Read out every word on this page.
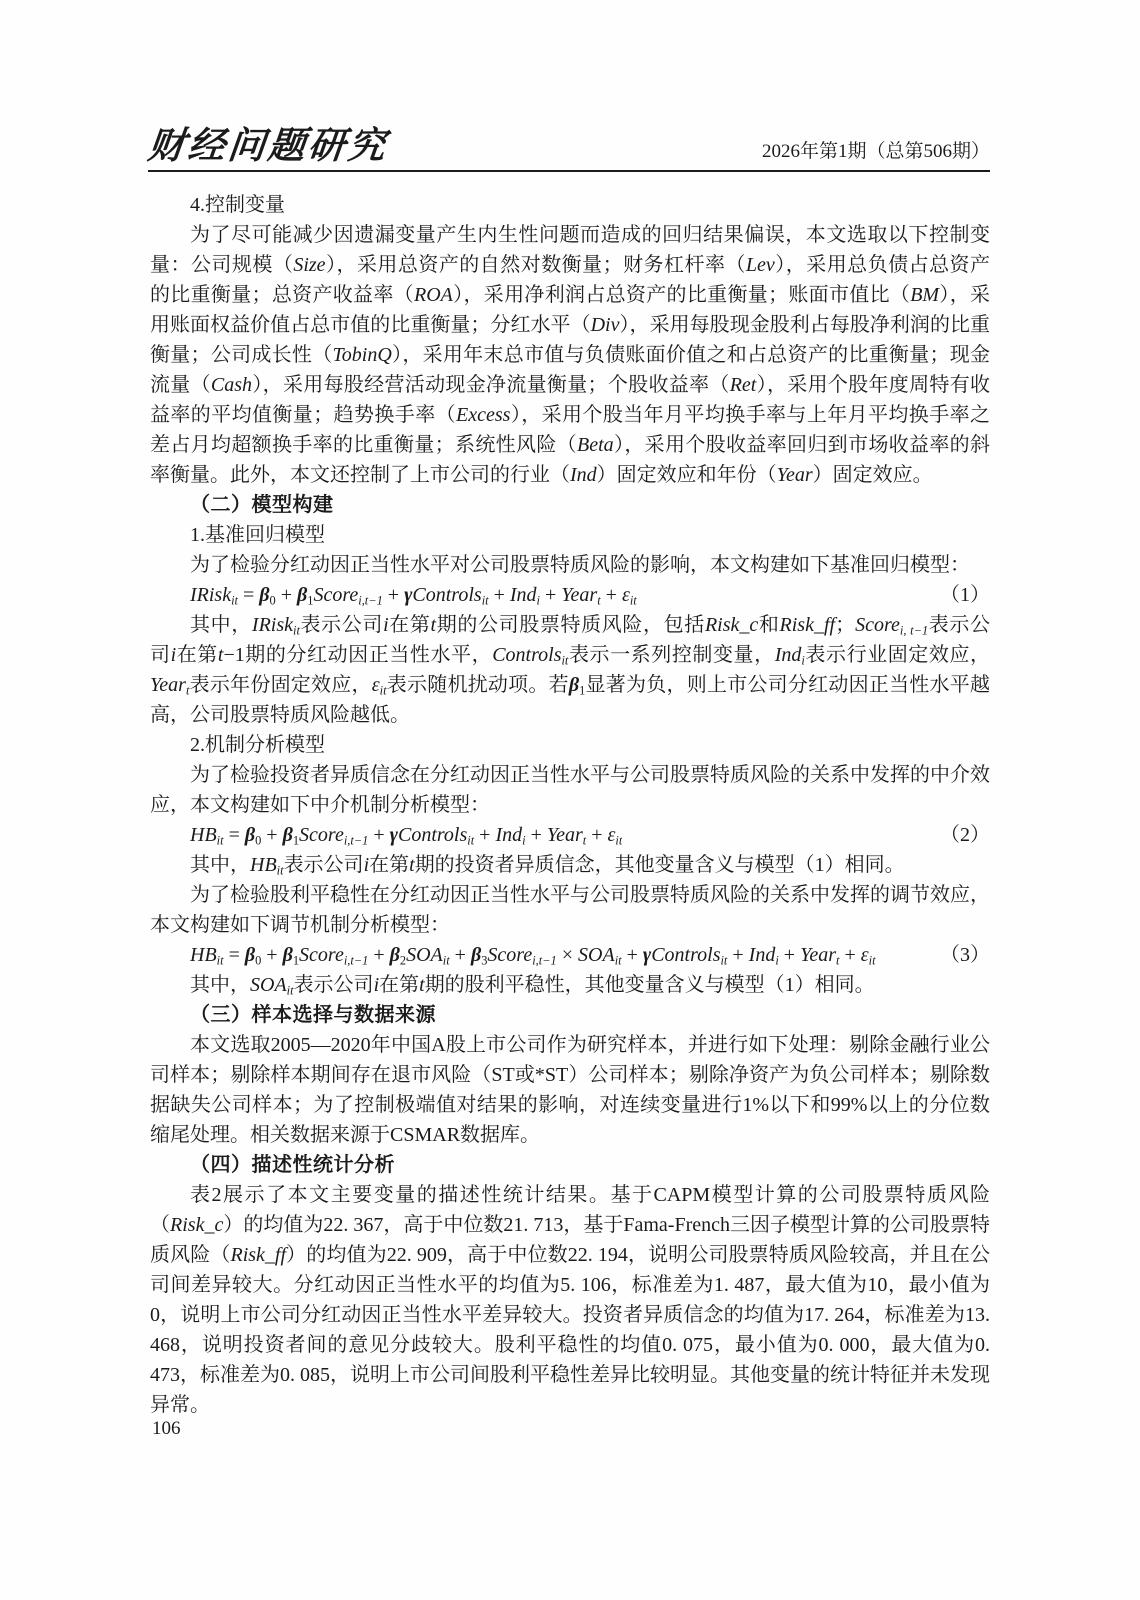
财经问题研究	2026年第1期（总第506期）

4.控制变量

为了尽可能减少因遗漏变量产生内生性问题而造成的回归结果偏误，本文选取以下控制变量：公司规模（Size），采用总资产的自然对数衡量；财务杠杆率（Lev），采用总负债占总资产的比重衡量；总资产收益率（ROA），采用净利润占总资产的比重衡量；账面市值比（BM），采用账面权益价值占总市值的比重衡量；分红水平（Div），采用每股现金股利占每股净利润的比重衡量；公司成长性（TobinQ），采用年末总市值与负债账面价值之和占总资产的比重衡量；现金流量（Cash），采用每股经营活动现金净流量衡量；个股收益率（Ret），采用个股年度周特有收益率的平均值衡量；趋势换手率（Excess），采用个股当年月平均换手率与上年月平均换手率之差占月均超额换手率的比重衡量；系统性风险（Beta），采用个股收益率回归到市场收益率的斜率衡量。此外，本文还控制了上市公司的行业（Ind）固定效应和年份（Year）固定效应。

（二）模型构建

1.基准回归模型

为了检验分红动因正当性水平对公司股票特质风险的影响，本文构建如下基准回归模型：

IRisk$_{it}$ = $\beta_0$ + $\beta_1Score_{i,t-1}$ + γControls$_{it}$ + Ind$_i$ + Year$_t$ + $\varepsilon_{it}$	（1）

其中，IRisk$_{it}$表示公司i在第t期的公司股票特质风险，包括Risk_c和Risk_ff；Score$_{i, t-1}$表示公司i在第t−1期的分红动因正当性水平，Controls$_{it}$表示一系列控制变量，Ind$_i$表示行业固定效应，Year$_t$表示年份固定效应，$\varepsilon_{it}$表示随机扰动项。若$\beta_1$显著为负，则上市公司分红动因正当性水平越高，公司股票特质风险越低。

2.机制分析模型

为了检验投资者异质信念在分红动因正当性水平与公司股票特质风险的关系中发挥的中介效应，本文构建如下中介机制分析模型：

$HB_{it} = \beta_0$ + $\beta_1Score_{i,t-1}$ + γControls$_{it}$ + Ind$_i$ + Year$_t$ + $\varepsilon_{it}$	（2）

其中，$HB_{it}$表示公司i在第t期的投资者异质信念，其他变量含义与模型（1）相同。

为了检验股利平稳性在分红动因正当性水平与公司股票特质风险的关系中发挥的调节效应，本文构建如下调节机制分析模型：

$HB_{it} = \beta_0$ + $\beta_1Score_{i,t-1} + \beta_2SOA_{it}$ + $\beta_3Score_{i,t-1} \times SOA_{it}$ + γControls$_{it}$ + Ind$_i$ + Year$_t$ + $\varepsilon_{it}$	（3）

其中，$SOA_{it}$表示公司i在第t期的股利平稳性，其他变量含义与模型（1）相同。

（三）样本选择与数据来源

本文选取2005—2020年中国A股上市公司作为研究样本，并进行如下处理：剔除金融行业公司样本；剔除样本期间存在退市风险（ST或*ST）公司样本；剔除净资产为负公司样本；剔除数据缺失公司样本；为了控制极端值对结果的影响，对连续变量进行1%以下和99%以上的分位数缩尾处理。相关数据来源于CSMAR数据库。

（四）描述性统计分析

表2展示了本文主要变量的描述性统计结果。基于CAPM模型计算的公司股票特质风险（Risk_c）的均值为22. 367，高于中位数21. 713，基于Fama-French三因子模型计算的公司股票特质风险（Risk_ff）的均值为22. 909，高于中位数22. 194，说明公司股票特质风险较高，并且在公司间差异较大。分红动因正当性水平的均值为5. 106，标准差为1. 487，最大值为10，最小值为0，说明上市公司分红动因正当性水平差异较大。投资者异质信念的均值为17. 264，标准差为13. 468，说明投资者间的意见分歧较大。股利平稳性的均值0. 075，最小值为0. 000，最大值为0. 473，标准差为0. 085，说明上市公司间股利平稳性差异比较明显。其他变量的统计特征并未发现异常。

106
